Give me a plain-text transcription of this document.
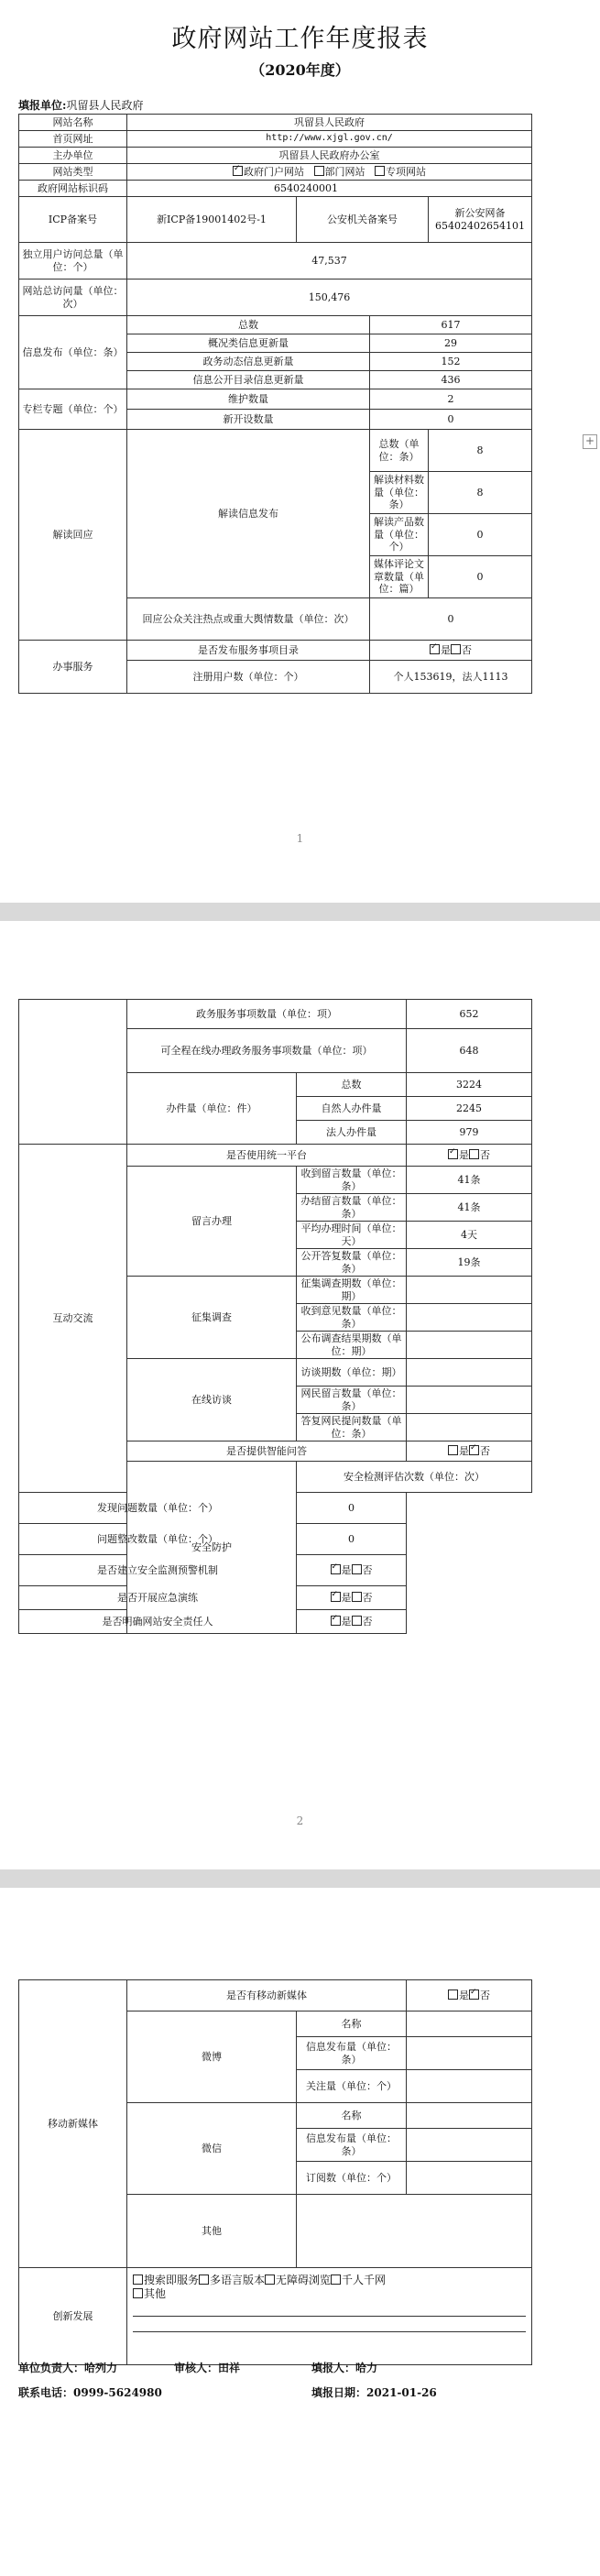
政府网站工作年度报表
（2020年度）
填报单位:巩留县人民政府
网站名称	巩留县人民政府			
首页网址	http://www.xjgl.gov.cn/			
主办单位	巩留县人民政府办公室			
网站类型	✓政府门户网站 部门网站 专项网站
政府网站标识码	6540240001			
ICP备案号	新ICP备19001402号-1	公安机关备案号		新公安网备65402402654101
独立用户访问总量（单位：个）	47,537			
网站总访问量（单位：次）	150,476			
信息发布（单位：条）	总数		617	
	概况类信息更新量		29	
	政务动态信息更新量		152	
	信息公开目录信息更新量		436	
专栏专题（单位：个）	维护数量		2	
	新开设数量		0	
解读回应	解读信息发布		总数（单位：条）	8
			解读材料数量（单位：条）	8
			解读产品数量（单位：个）	0
			媒体评论文章数量（单位：篇）	0
	回应公众关注热点或重大舆情数量（单位：次）		0	
办事服务	是否发布服务事项目录	✓是 否
	注册用户数（单位：个）		个人153619，法人1113	
1
+
	政务服务事项数量（单位：项）		652	
	可全程在线办理政务服务事项数量（单位：项）		648	
	办件量（单位：件）	总数	3224	
		自然人办件量	2245	
		法人办件量	979	
互动交流	是否使用统一平台	✓是 否
	留言办理	收到留言数量（单位：条）	41条	
		办结留言数量（单位：条）	41条	
		平均办理时间（单位：天）	4天	
		公开答复数量（单位：条）	19条	
	征集调查	征集调查期数（单位：期）		
		收到意见数量（单位：条）		
		公布调查结果期数（单位：期）		
	在线访谈	访谈期数（单位：期）		
		网民留言数量（单位：条）		
		答复网民提问数量（单位：条）		
	是否提供智能问答		是 ✓ 否
	安全防护	安全检测评估次数（单位：次）	
发现问题数量（单位：个）		0		
问题整改数量（单位：个）		0		
是否建立安全监测预警机制	✓是 否
是否开展应急演练	✓是 否
是否明确网站安全责任人	✓是 否
2
移动新媒体	是否有移动新媒体		是 ✓ 否
	微博	名称	
		信息发布量（单位：条）	
		关注量（单位：个）	
	微信	名称	
		信息发布量（单位：条）	
		订阅数（单位：个）	
	其他		

创新发展	搜索即服务 多语言版本 无障碍浏览 千人千网
其他		
单位负责人：哈列力	审核人：田祥	填报人：哈力
联系电话：0999-5624980	填报日期：2021-01-26
